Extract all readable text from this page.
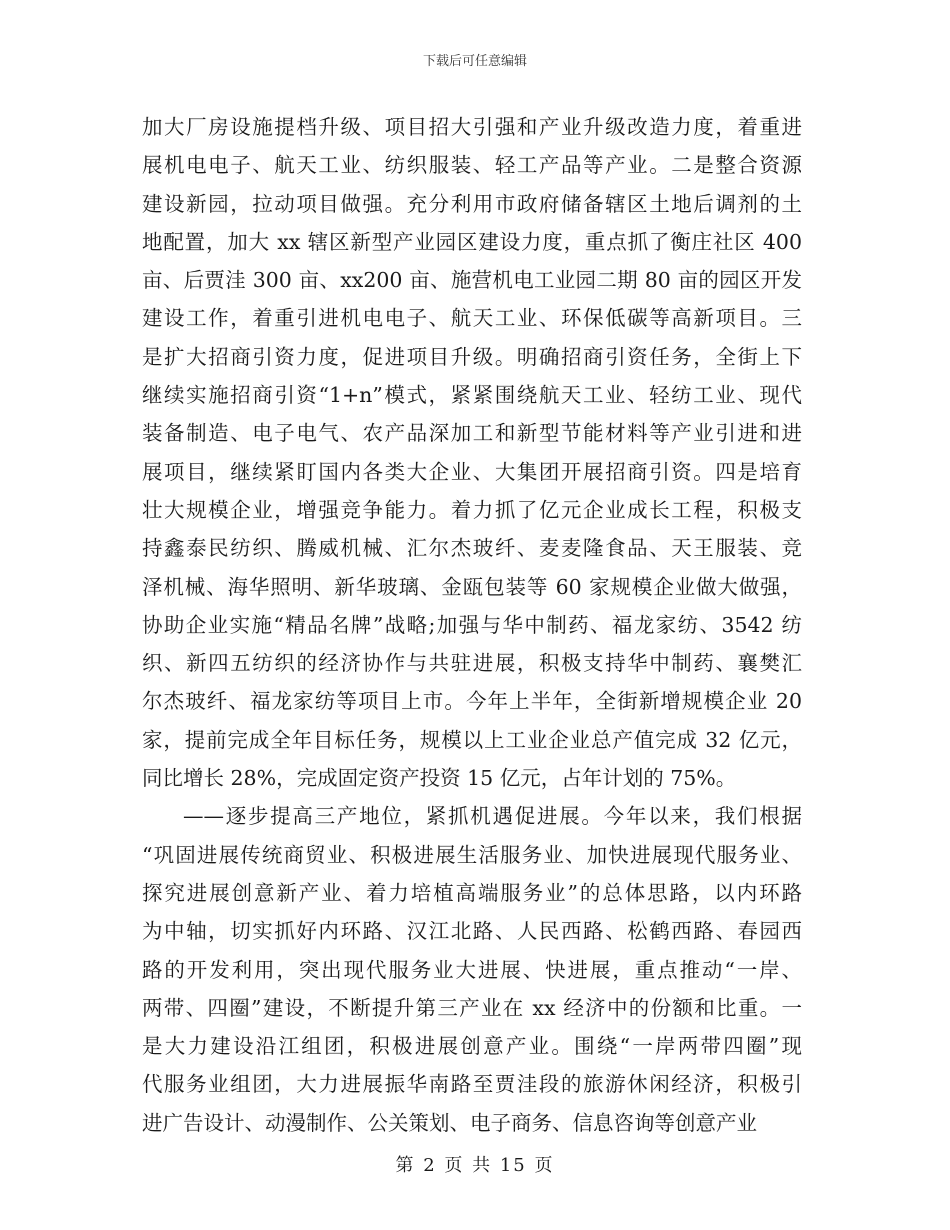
下载后可任意编辑
加大厂房设施提档升级、项目招大引强和产业升级改造力度，着重进
展机电电子、航天工业、纺织服装、轻工产品等产业。二是整合资源
建设新园，拉动项目做强。充分利用市政府储备辖区土地后调剂的土
地配置，加大 xx 辖区新型产业园区建设力度，重点抓了衡庄社区 400
亩、后贾洼 300 亩、xx200 亩、施营机电工业园二期 80 亩的园区开发
建设工作，着重引进机电电子、航天工业、环保低碳等高新项目。三
是扩大招商引资力度，促进项目升级。明确招商引资任务，全街上下
继续实施招商引资“1+n”模式，紧紧围绕航天工业、轻纺工业、现代
装备制造、电子电气、农产品深加工和新型节能材料等产业引进和进
展项目，继续紧盯国内各类大企业、大集团开展招商引资。四是培育
壮大规模企业，增强竞争能力。着力抓了亿元企业成长工程，积极支
持鑫泰民纺织、腾威机械、汇尔杰玻纤、麦麦隆食品、天王服装、竞
泽机械、海华照明、新华玻璃、金瓯包装等 60 家规模企业做大做强，
协助企业实施“精品名牌”战略;加强与华中制药、福龙家纺、3542 纺
织、新四五纺织的经济协作与共驻进展，积极支持华中制药、襄樊汇
尔杰玻纤、福龙家纺等项目上市。今年上半年，全街新增规模企业 20
家，提前完成全年目标任务，规模以上工业企业总产值完成 32 亿元，
同比增长 28%，完成固定资产投资 15 亿元，占年计划的 75%。
——逐步提高三产地位，紧抓机遇促进展。今年以来，我们根据
“巩固进展传统商贸业、积极进展生活服务业、加快进展现代服务业、
探究进展创意新产业、着力培植高端服务业”的总体思路，以内环路
为中轴，切实抓好内环路、汉江北路、人民西路、松鹤西路、春园西
路的开发利用，突出现代服务业大进展、快进展，重点推动“一岸、
两带、四圈”建设，不断提升第三产业在 xx 经济中的份额和比重。一
是大力建设沿江组团，积极进展创意产业。围绕“一岸两带四圈”现
代服务业组团，大力进展振华南路至贾洼段的旅游休闲经济，积极引
进广告设计、动漫制作、公关策划、电子商务、信息咨询等创意产业
第 2 页 共 15 页
